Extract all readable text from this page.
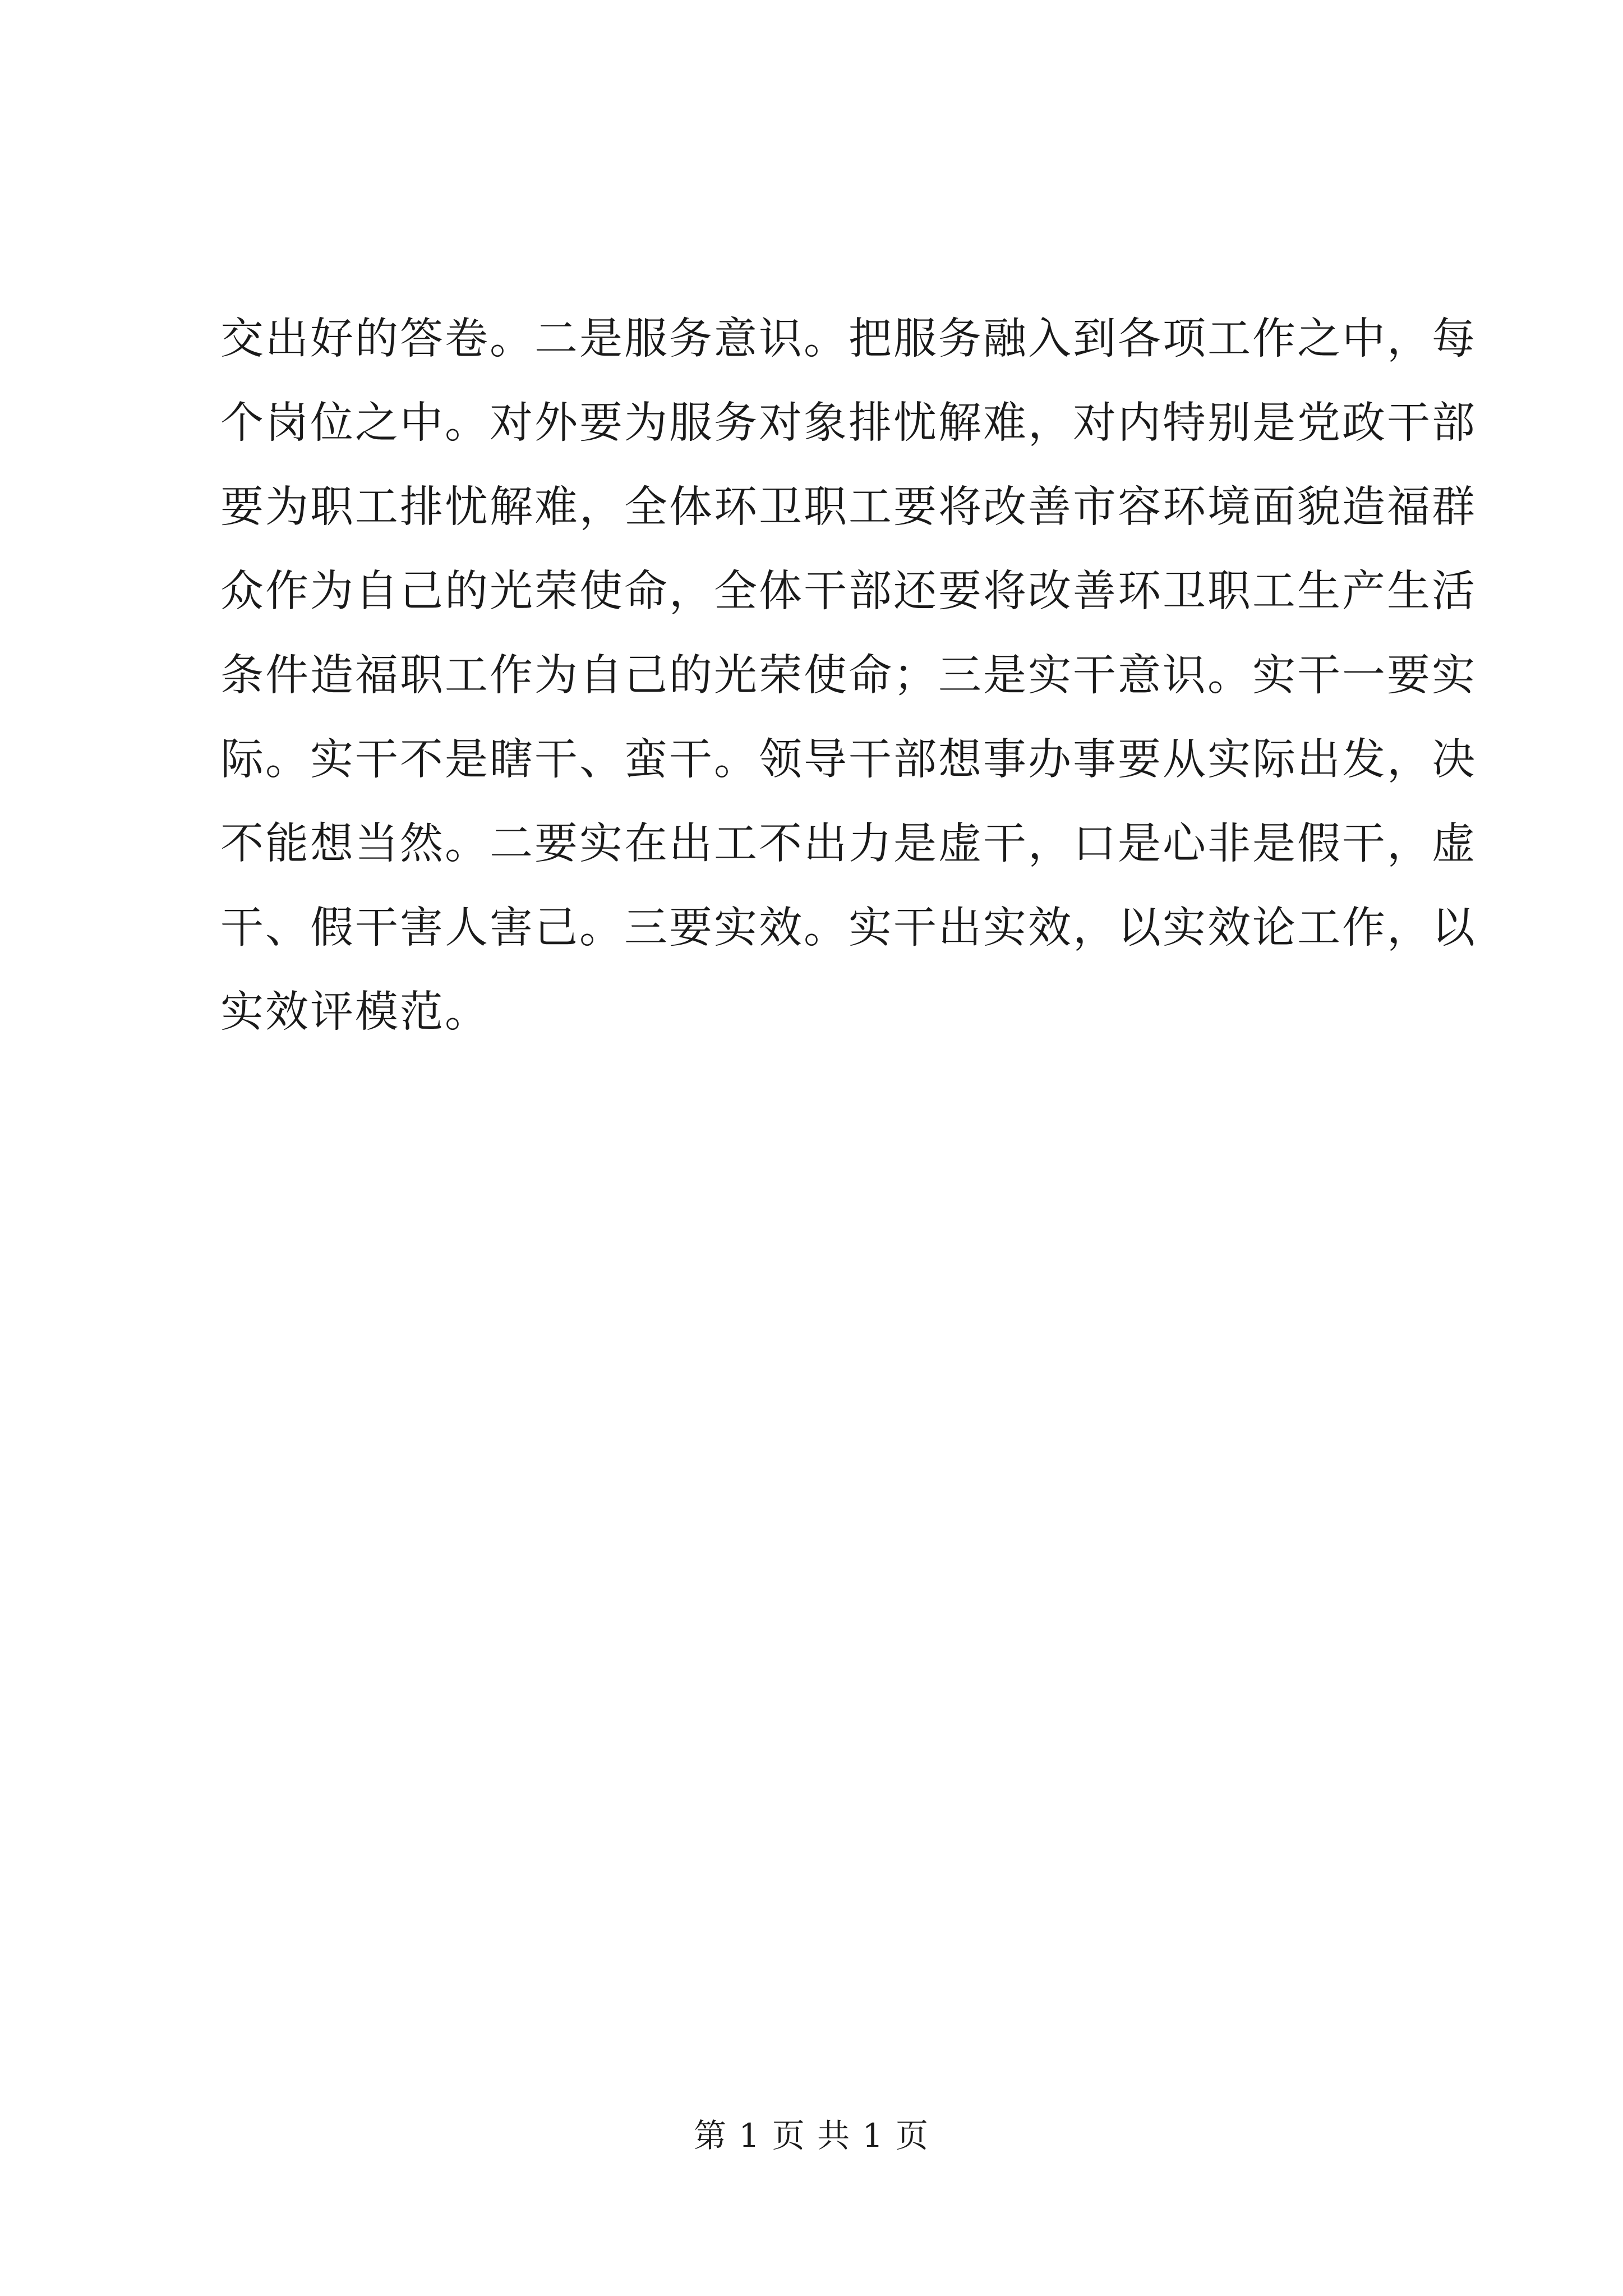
交出好的答卷。二是服务意识。把服务融入到各项工作之中，每
个岗位之中。对外要为服务对象排忧解难，对内特别是党政干部
要为职工排忧解难，全体环卫职工要将改善市容环境面貌造福群
众作为自己的光荣使命，全体干部还要将改善环卫职工生产生活
条件造福职工作为自己的光荣使命；三是实干意识。实干一要实
际。实干不是瞎干、蛮干。领导干部想事办事要从实际出发，决
不能想当然。二要实在出工不出力是虚干，口是心非是假干，虚
干、假干害人害己。三要实效。实干出实效，以实效论工作，以
实效评模范。
第 1 页 共 1 页
